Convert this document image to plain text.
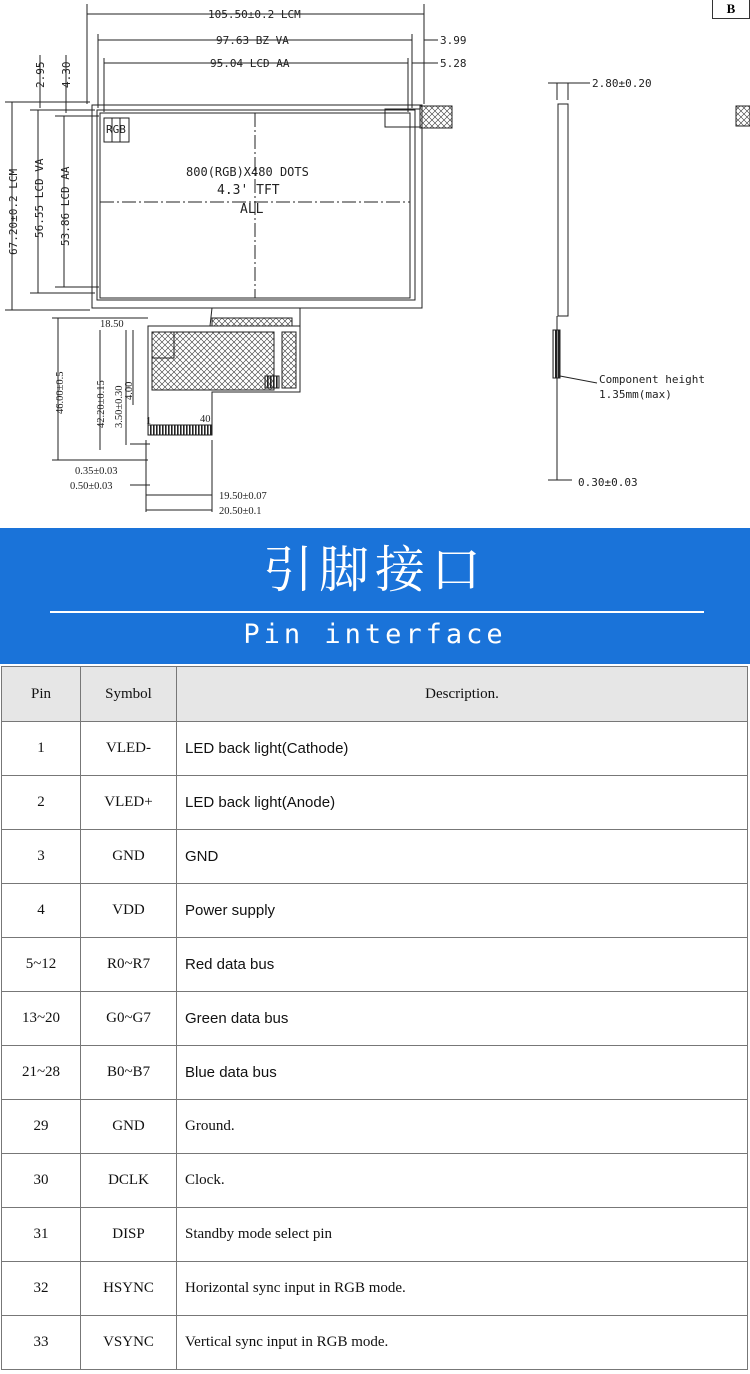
105.50±0.2 LCM
97.63 BZ VA
95.04 LCD AA
3.99
5.28
2.80±0.20
0.30±0.03
2.95 4.30
67.20±0.2 LCM 56.55 LCD VA 53.86 LCD AA
46.00±0.5	42.20±0.15 3.50±0.30 4.00
18.50
0.35±0.03
0.50±0.03
19.50±0.07
20.50±0.1
1	40
RGB
800(RGB)X480 DOTS
4.3' TFT
ALL
Component height
1.35mm(max)
B
引脚接口
Pin interface
Pin	Symbol	Description.
1	VLED-	LED back light(Cathode)
2	VLED+	LED back light(Anode)
3	GND	GND
4	VDD	Power supply
5~12	R0~R7	Red data bus
13~20	G0~G7	Green data bus
21~28	B0~B7	Blue data bus
29	GND	Ground.
30	DCLK	Clock.
31	DISP	Standby mode select pin
32	HSYNC	Horizontal sync input in RGB mode.
33	VSYNC	Vertical sync input in RGB mode.
